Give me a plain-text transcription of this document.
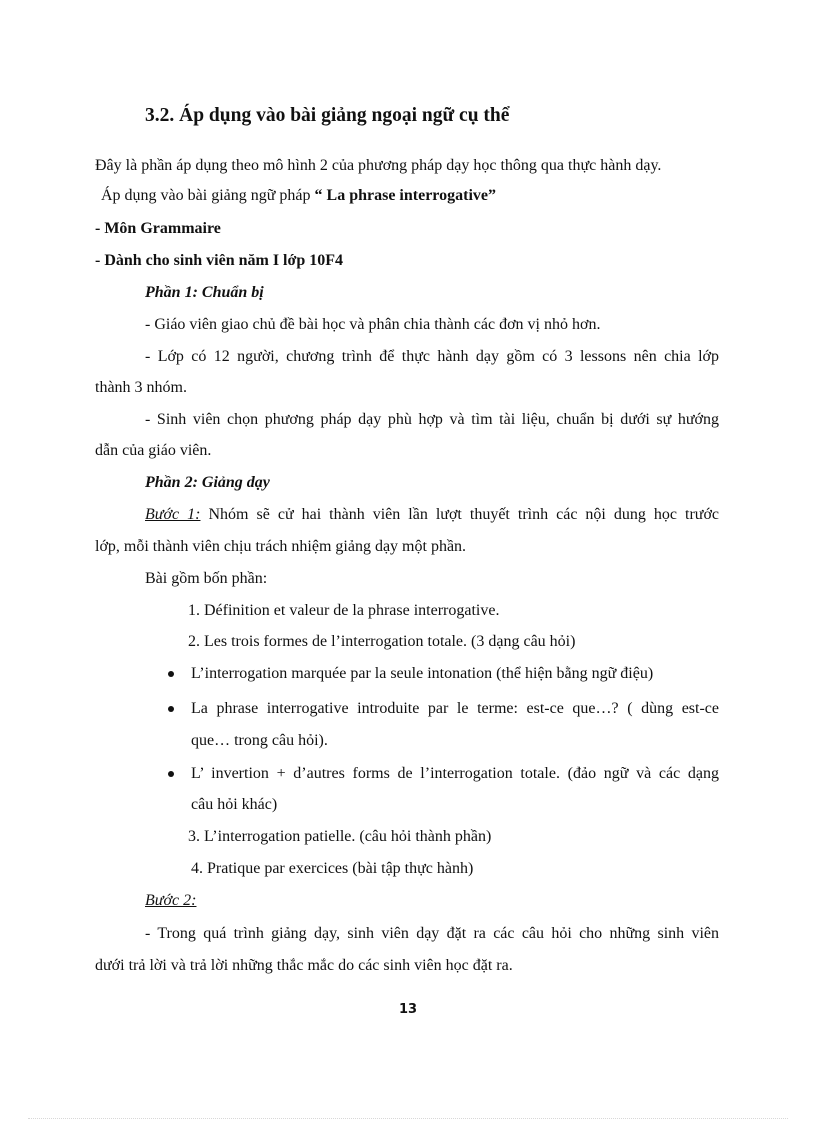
3.2. Áp dụng vào bài giảng ngoại ngữ cụ thể
Đây là phần áp dụng theo mô hình 2 của phương pháp dạy học thông qua thực hành dạy.
Áp dụng vào bài giảng ngữ pháp “ La phrase interrogative”
- Môn Grammaire
- Dành cho sinh viên năm I lớp 10F4
Phần 1: Chuẩn bị
- Giáo viên giao chủ đề bài học và phân chia thành các đơn vị nhỏ hơn.
- Lớp có 12 người, chương trình để thực hành dạy gồm có 3 lessons nên chia lớp
thành 3 nhóm.
- Sinh viên chọn phương pháp dạy phù hợp và tìm tài liệu, chuẩn bị dưới sự hướng
dẫn của giáo viên.
Phần 2: Giảng dạy
Bước 1: Nhóm sẽ cử hai thành viên lần lượt thuyết trình các nội dung học trước
lớp, mỗi thành viên chịu trách nhiệm giảng dạy một phần.
Bài gồm bốn phần:
1. Définition et valeur de la phrase interrogative.
2. Les trois formes de l’interrogation totale. (3 dạng câu hỏi)
L’interrogation marquée par la seule intonation (thể hiện bằng ngữ điệu)
La phrase interrogative introduite par le terme: est-ce que…? ( dùng est-ce
que… trong câu hỏi).
L’ invertion + d’autres forms de l’interrogation totale. (đảo ngữ và các dạng
câu hỏi khác)
3. L’interrogation patielle. (câu hỏi thành phần)
4. Pratique par exercices (bài tập thực hành)
Bước 2:
- Trong quá trình giảng dạy, sinh viên dạy đặt ra các câu hỏi cho những sinh viên
dưới trả lời và trả lời những thắc mắc do các sinh viên học đặt ra.
13
